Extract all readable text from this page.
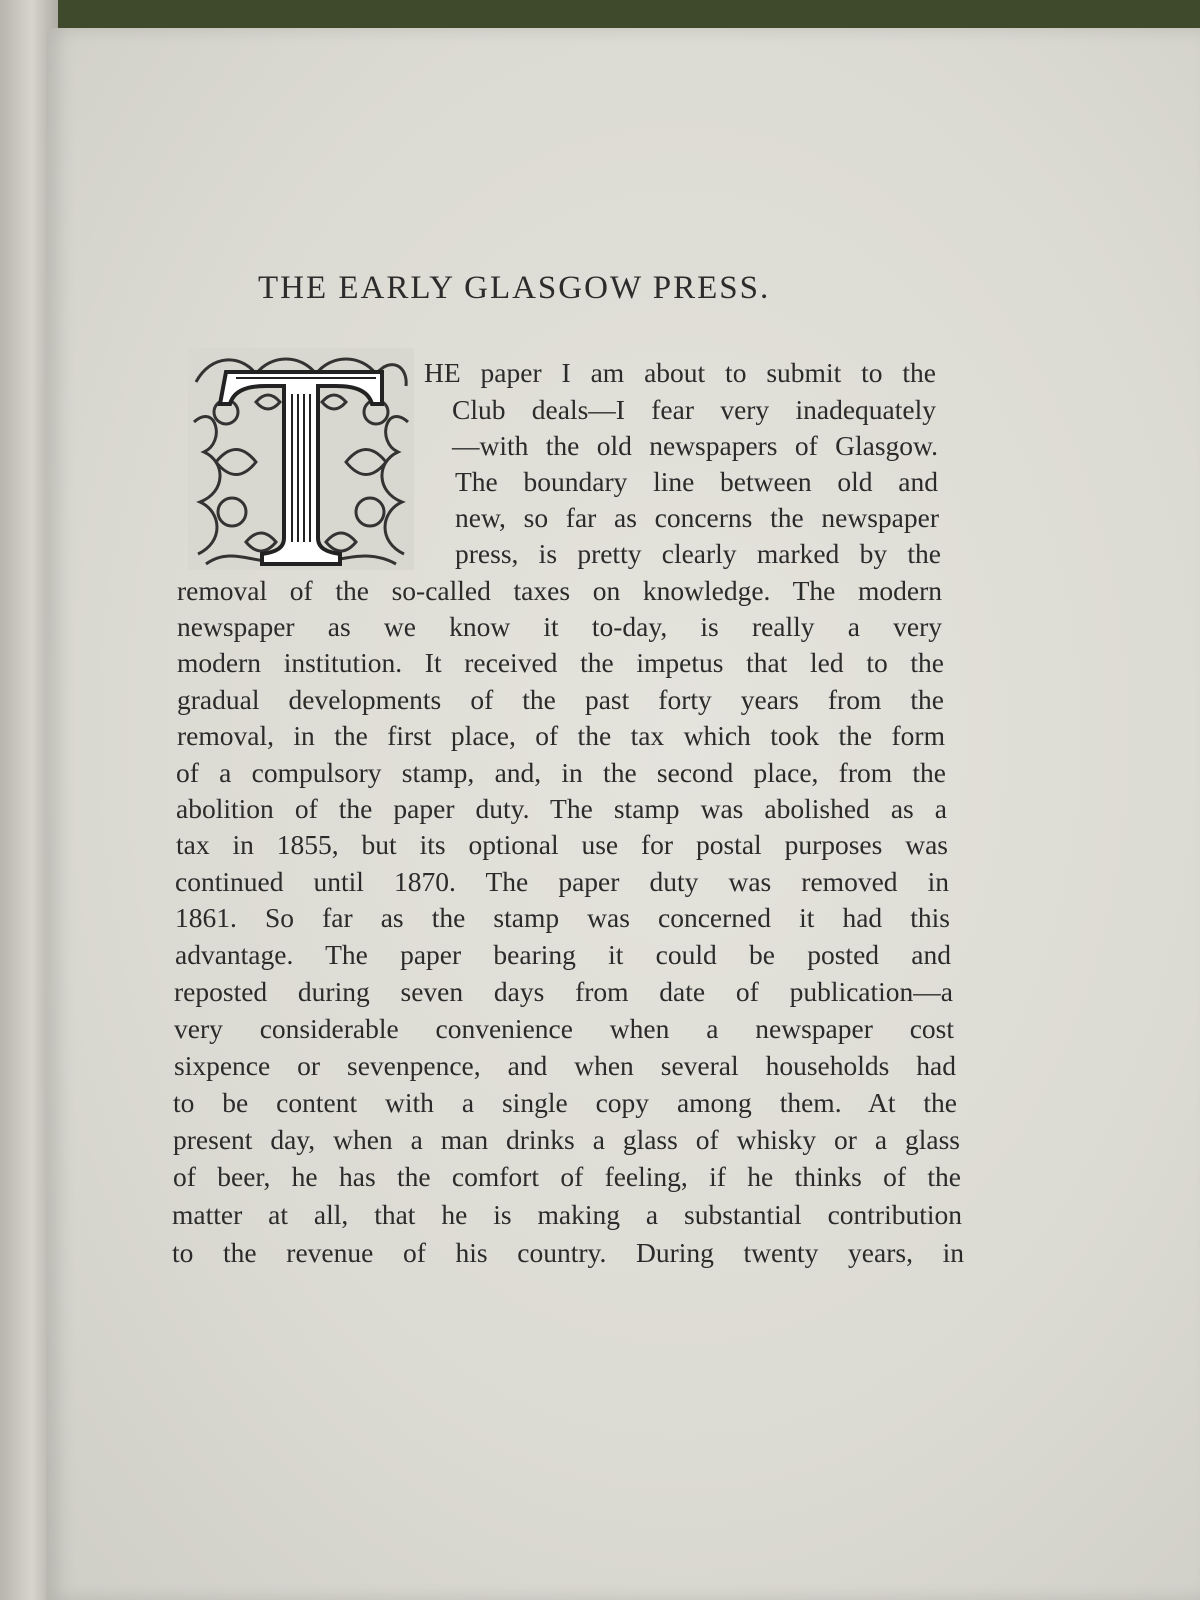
THE EARLY GLASGOW PRESS.

HE paper I am about to submit to the

Club deals—I fear very inadequately

—with the old newspapers of Glasgow.

The boundary line between old and

new, so far as concerns the newspaper

press, is pretty clearly marked by the

removal of the so-called taxes on knowledge. The modern

newspaper as we know it to-day, is really a very

modern institution. It received the impetus that led to the

gradual developments of the past forty years from the

removal, in the first place, of the tax which took the form

of a compulsory stamp, and, in the second place, from the

abolition of the paper duty. The stamp was abolished as a

tax in 1855, but its optional use for postal purposes was

continued until 1870. The paper duty was removed in

1861. So far as the stamp was concerned it had this

advantage. The paper bearing it could be posted and

reposted during seven days from date of publication—a

very considerable convenience when a newspaper cost

sixpence or sevenpence, and when several households had

to be content with a single copy among them. At the

present day, when a man drinks a glass of whisky or a glass

of beer, he has the comfort of feeling, if he thinks of the

matter at all, that he is making a substantial contribution

to the revenue of his country. During twenty years, in
